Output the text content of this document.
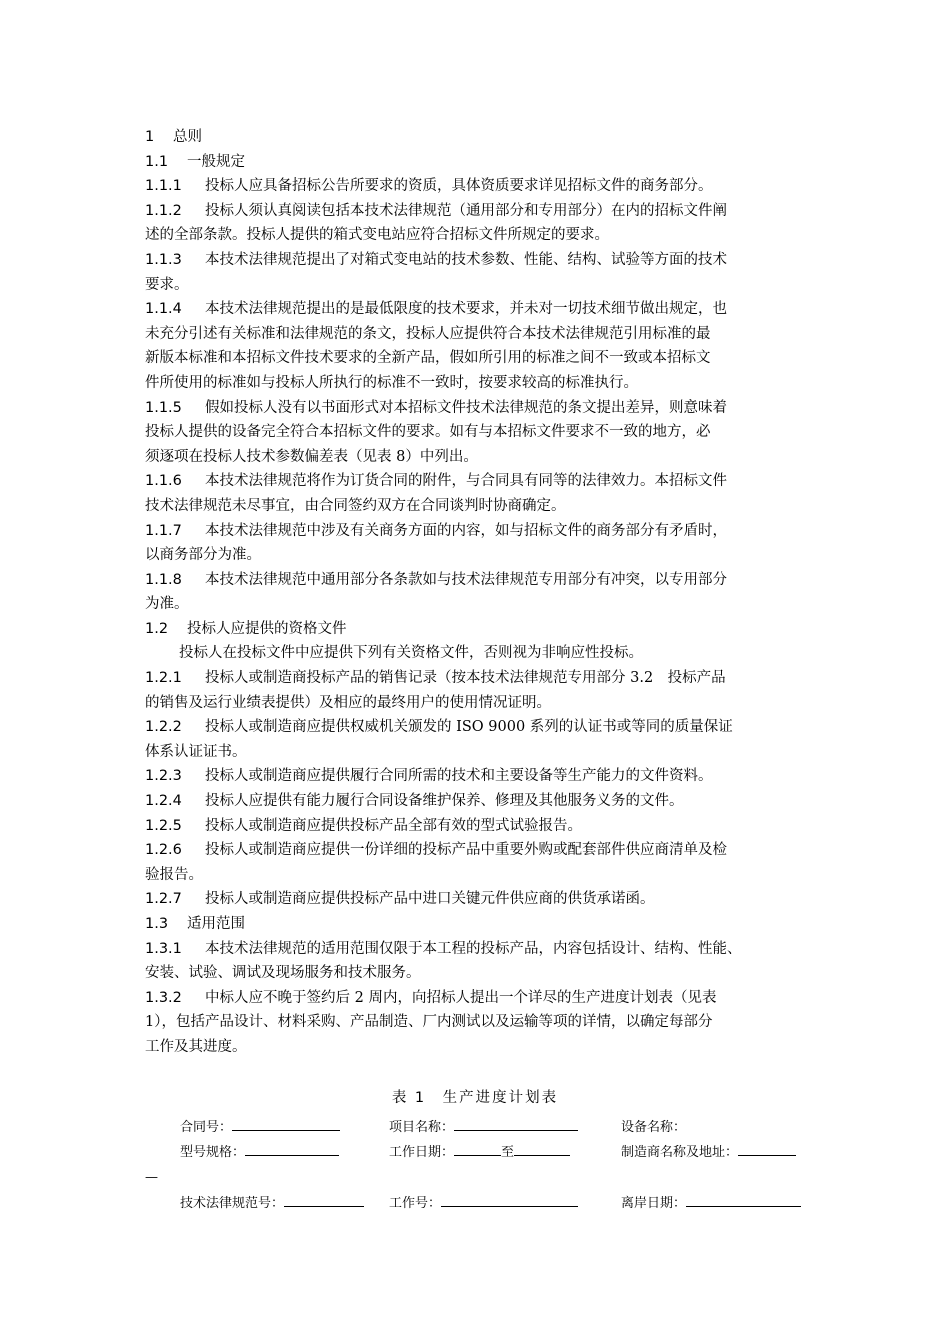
1 总则
1.1 一般规定
1.1.1 投标人应具备招标公告所要求的资质，具体资质要求详见招标文件的商务部分。
1.1.2 投标人须认真阅读包括本技术法律规范（通用部分和专用部分）在内的招标文件阐
述的全部条款。投标人提供的箱式变电站应符合招标文件所规定的要求。
1.1.3 本技术法律规范提出了对箱式变电站的技术参数、性能、结构、试验等方面的技术
要求。
1.1.4 本技术法律规范提出的是最低限度的技术要求，并未对一切技术细节做出规定，也
未充分引述有关标准和法律规范的条文，投标人应提供符合本技术法律规范引用标准的最
新版本标准和本招标文件技术要求的全新产品，假如所引用的标准之间不一致或本招标文
件所使用的标准如与投标人所执行的标准不一致时，按要求较高的标准执行。
1.1.5 假如投标人没有以书面形式对本招标文件技术法律规范的条文提出差异，则意味着
投标人提供的设备完全符合本招标文件的要求。如有与本招标文件要求不一致的地方，必
须逐项在投标人技术参数偏差表（见表 8）中列出。
1.1.6 本技术法律规范将作为订货合同的附件，与合同具有同等的法律效力。本招标文件
技术法律规范未尽事宜，由合同签约双方在合同谈判时协商确定。
1.1.7 本技术法律规范中涉及有关商务方面的内容，如与招标文件的商务部分有矛盾时，
以商务部分为准。
1.1.8 本技术法律规范中通用部分各条款如与技术法律规范专用部分有冲突，以专用部分
为准。
1.2 投标人应提供的资格文件
投标人在投标文件中应提供下列有关资格文件，否则视为非响应性投标。
1.2.1 投标人或制造商投标产品的销售记录（按本技术法律规范专用部分 3.2　投标产品
的销售及运行业绩表提供）及相应的最终用户的使用情况证明。
1.2.2 投标人或制造商应提供权威机关颁发的 ISO 9000 系列的认证书或等同的质量保证
体系认证证书。
1.2.3 投标人或制造商应提供履行合同所需的技术和主要设备等生产能力的文件资料。
1.2.4 投标人应提供有能力履行合同设备维护保养、修理及其他服务义务的文件。
1.2.5 投标人或制造商应提供投标产品全部有效的型式试验报告。
1.2.6 投标人或制造商应提供一份详细的投标产品中重要外购或配套部件供应商清单及检
验报告。
1.2.7 投标人或制造商应提供投标产品中进口关键元件供应商的供货承诺函。
1.3 适用范围
1.3.1 本技术法律规范的适用范围仅限于本工程的投标产品，内容包括设计、结构、性能、
安装、试验、调试及现场服务和技术服务。
1.3.2 中标人应不晚于签约后 2 周内，向招标人提出一个详尽的生产进度计划表（见表
1），包括产品设计、材料采购、产品制造、厂内测试以及运输等项的详情，以确定每部分
工作及其进度。
表 1　生产进度计划表
合同号：	项目名称：	设备名称：
型号规格：	工作日期：	至	制造商名称及地址：
—
技术法律规范号：	工作号：	离岸日期：
